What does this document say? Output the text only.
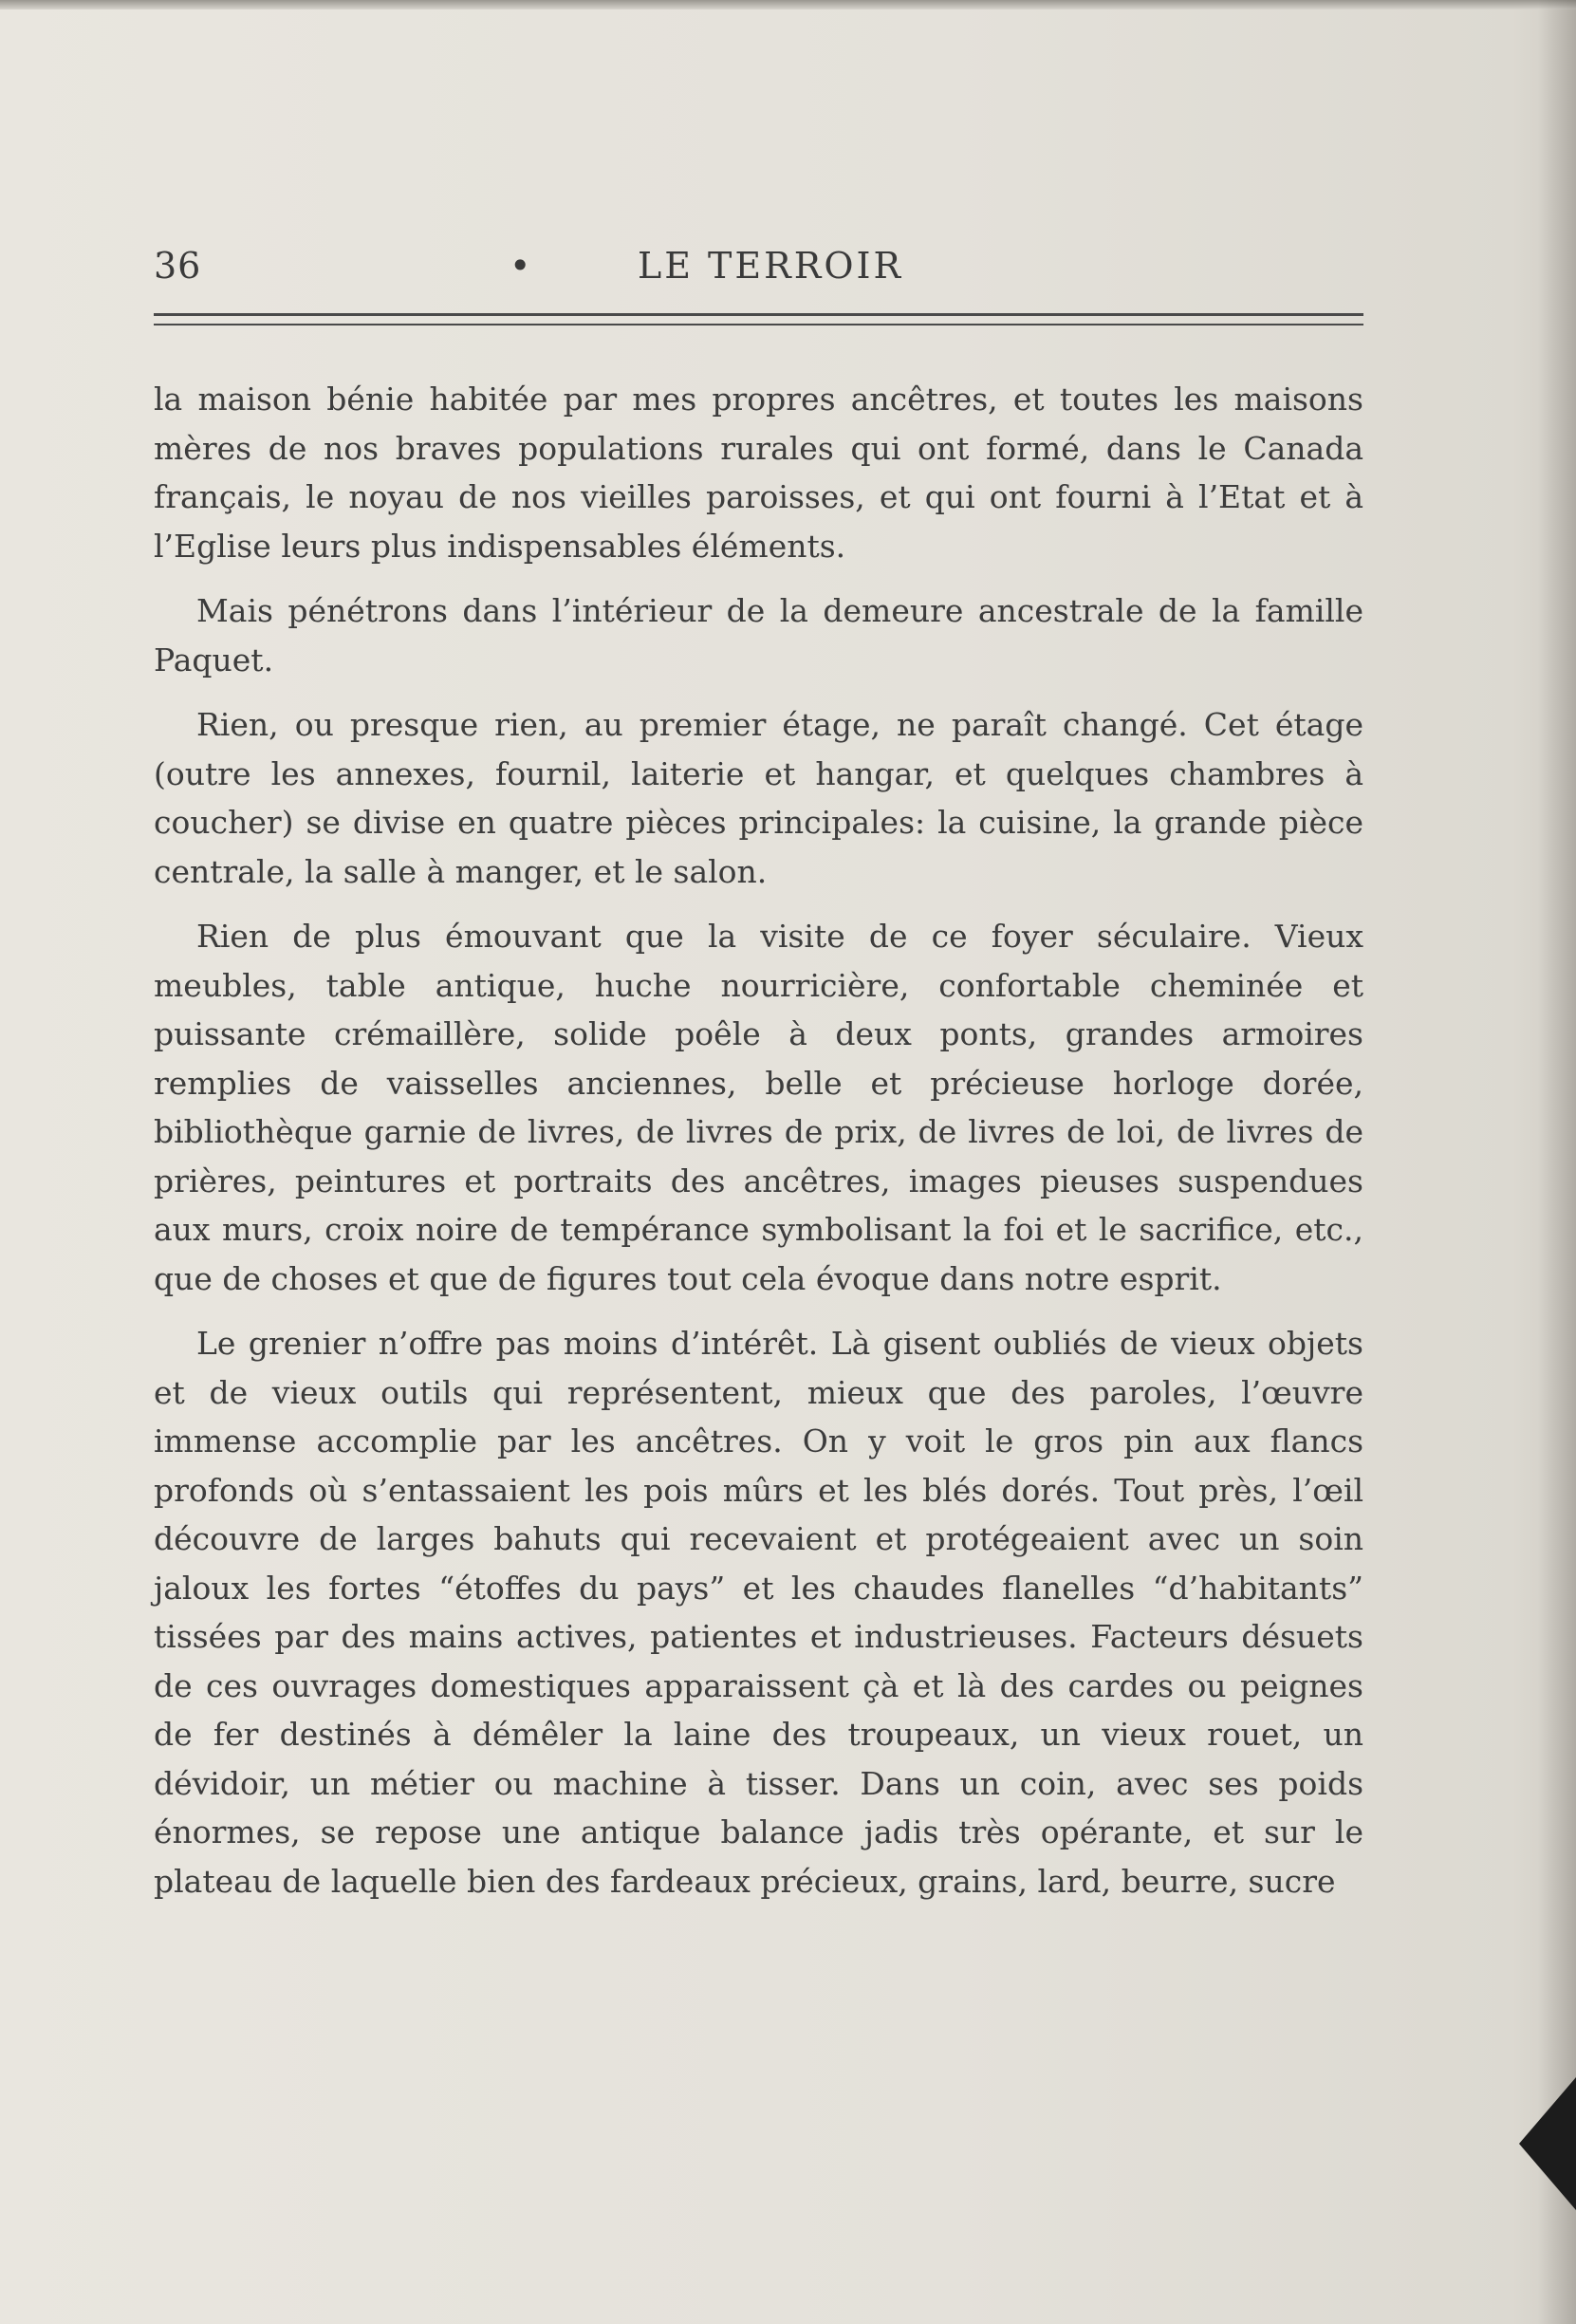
36	•	LE TERROIR

la maison bénie habitée par mes propres ancêtres, et toutes les maisons mères de nos braves populations rurales qui ont formé, dans le Canada français, le noyau de nos vieilles paroisses, et qui ont fourni à l’Etat et à l’Eglise leurs plus indispensables éléments.

Mais pénétrons dans l’intérieur de la demeure ancestrale de la famille Paquet.

Rien, ou presque rien, au premier étage, ne paraît changé. Cet étage (outre les annexes, fournil, laiterie et hangar, et quelques chambres à coucher) se divise en quatre pièces principales: la cuisine, la grande pièce centrale, la salle à manger, et le salon.

Rien de plus émouvant que la visite de ce foyer séculaire. Vieux meubles, table antique, huche nourricière, confortable cheminée et puissante crémaillère, solide poêle à deux ponts, grandes armoires remplies de vaisselles anciennes, belle et précieuse horloge dorée, bibliothèque garnie de livres, de livres de prix, de livres de loi, de livres de prières, peintures et portraits des ancêtres, images pieuses suspendues aux murs, croix noire de tempérance symbolisant la foi et le sacrifice, etc., que de choses et que de figures tout cela évoque dans notre esprit.

Le grenier n’offre pas moins d’intérêt. Là gisent oubliés de vieux objets et de vieux outils qui représentent, mieux que des paroles, l’œuvre immense accomplie par les ancêtres. On y voit le gros pin aux flancs profonds où s’entassaient les pois mûrs et les blés dorés. Tout près, l’œil découvre de larges bahuts qui recevaient et protégeaient avec un soin jaloux les fortes “étoffes du pays” et les chaudes flanelles “d’habitants” tissées par des mains actives, patientes et industrieuses. Facteurs désuets de ces ouvrages domestiques apparaissent çà et là des cardes ou peignes de fer destinés à démêler la laine des troupeaux, un vieux rouet, un dévidoir, un métier ou machine à tisser. Dans un coin, avec ses poids énormes, se repose une antique balance jadis très opérante, et sur le plateau de laquelle bien des fardeaux précieux, grains, lard, beurre, sucre
